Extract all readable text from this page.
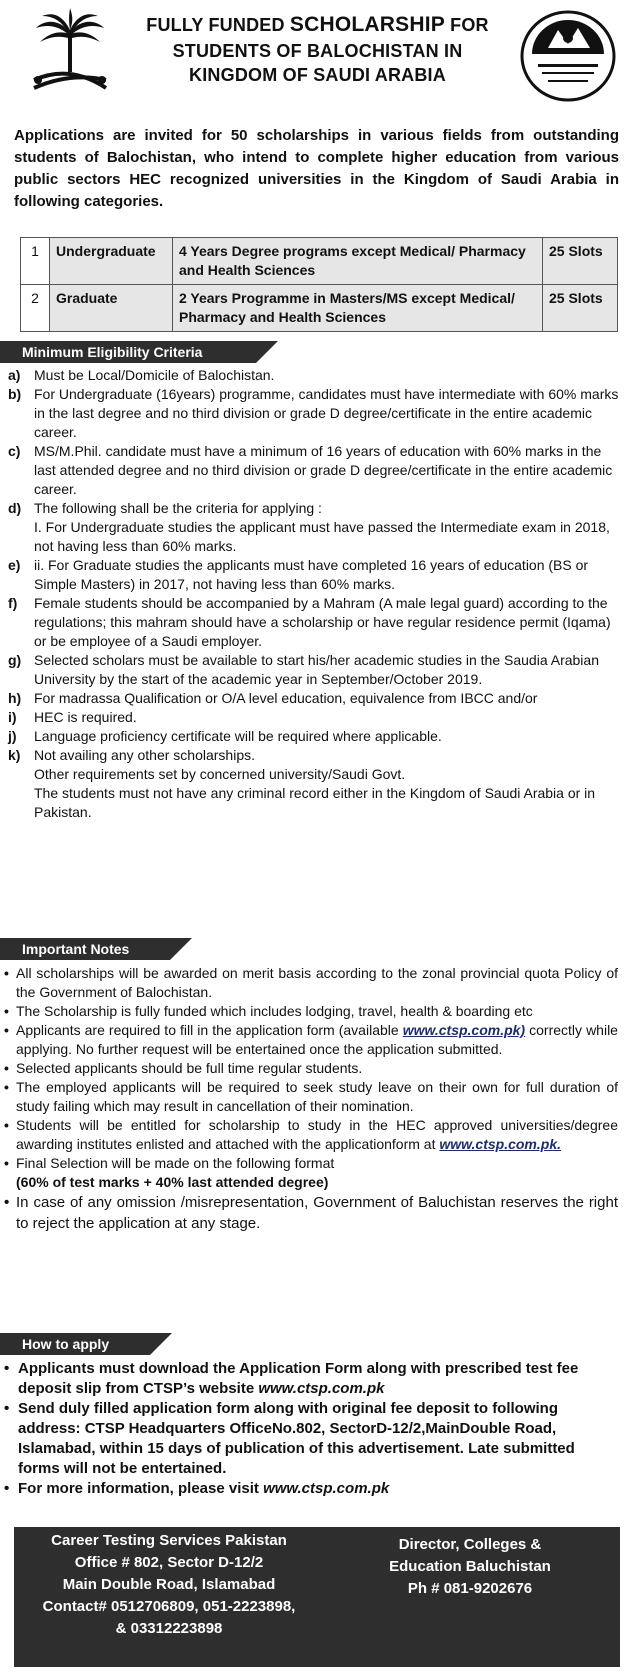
FULLY FUNDED SCHOLARSHIP FOR
STUDENTS OF BALOCHISTAN IN
KINGDOM OF SAUDI ARABIA
Applications are invited for 50 scholarships in various fields from outstanding students of Balochistan, who intend to complete higher education from various public sectors HEC recognized universities in the Kingdom of Saudi Arabia in following categories.
1	Undergraduate	4 Years Degree programs except Medical/ Pharmacy and Health Sciences	25 Slots
2	Graduate	2 Years Programme in Masters/MS except Medical/ Pharmacy and Health Sciences	25 Slots
Minimum Eligibility Criteria
a) Must be Local/Domicile of Balochistan.
b) For Undergraduate (16years) programme, candidates must have intermediate with 60% marks in the last degree and no third division or grade D degree/certificate in the entire academic career.
c) MS/M.Phil. candidate must have a minimum of 16 years of education with 60% marks in the last attended degree and no third division or grade D degree/certificate in the entire academic career.
d) The following shall be the criteria for applying :
I. For Undergraduate studies the applicant must have passed the Intermediate exam in 2018, not having less than 60% marks.
e) ii. For Graduate studies the applicants must have completed 16 years of education (BS or Simple Masters) in 2017, not having less than 60% marks.
f) Female students should be accompanied by a Mahram (A male legal guard) according to the regulations; this mahram should have a scholarship or have regular residence permit (Iqama) or be employee of a Saudi employer.
g) Selected scholars must be available to start his/her academic studies in the Saudia Arabian University by the start of the academic year in September/October 2019.
h) For madrassa Qualification or O/A level education, equivalence from IBCC and/or
i) HEC is required.
j) Language proficiency certificate will be required where applicable.
k) Not availing any other scholarships.
Other requirements set by concerned university/Saudi Govt.
The students must not have any criminal record either in the Kingdom of Saudi Arabia or in Pakistan.
Important Notes
• All scholarships will be awarded on merit basis according to the zonal provincial quota Policy of the Government of Balochistan.
• The Scholarship is fully funded which includes lodging, travel, health & boarding etc
• Applicants are required to fill in the application form (available www.ctsp.com.pk) correctly while applying. No further request will be entertained once the application submitted.
• Selected applicants should be full time regular students.
• The employed applicants will be required to seek study leave on their own for full duration of study failing which may result in cancellation of their nomination.
• Students will be entitled for scholarship to study in the HEC approved universities/degree awarding institutes enlisted and attached with the applicationform at www.ctsp.com.pk.
• Final Selection will be made on the following format
(60% of test marks + 40% last attended degree)
• In case of any omission /misrepresentation, Government of Baluchistan reserves the right to reject the application at any stage.
How to apply
• Applicants must download the Application Form along with prescribed test fee deposit slip from CTSP’s website www.ctsp.com.pk
• Send duly filled application form along with original fee deposit to following address: CTSP Headquarters OfficeNo.802, SectorD-12/2,MainDouble Road, Islamabad, within 15 days of publication of this advertisement. Late submitted forms will not be entertained.
• For more information, please visit www.ctsp.com.pk
Career Testing Services Pakistan
Office # 802, Sector D-12/2
Main Double Road, Islamabad
Contact# 0512706809, 051-2223898,
& 03312223898
Director, Colleges &
Education Baluchistan
Ph # 081-9202676
